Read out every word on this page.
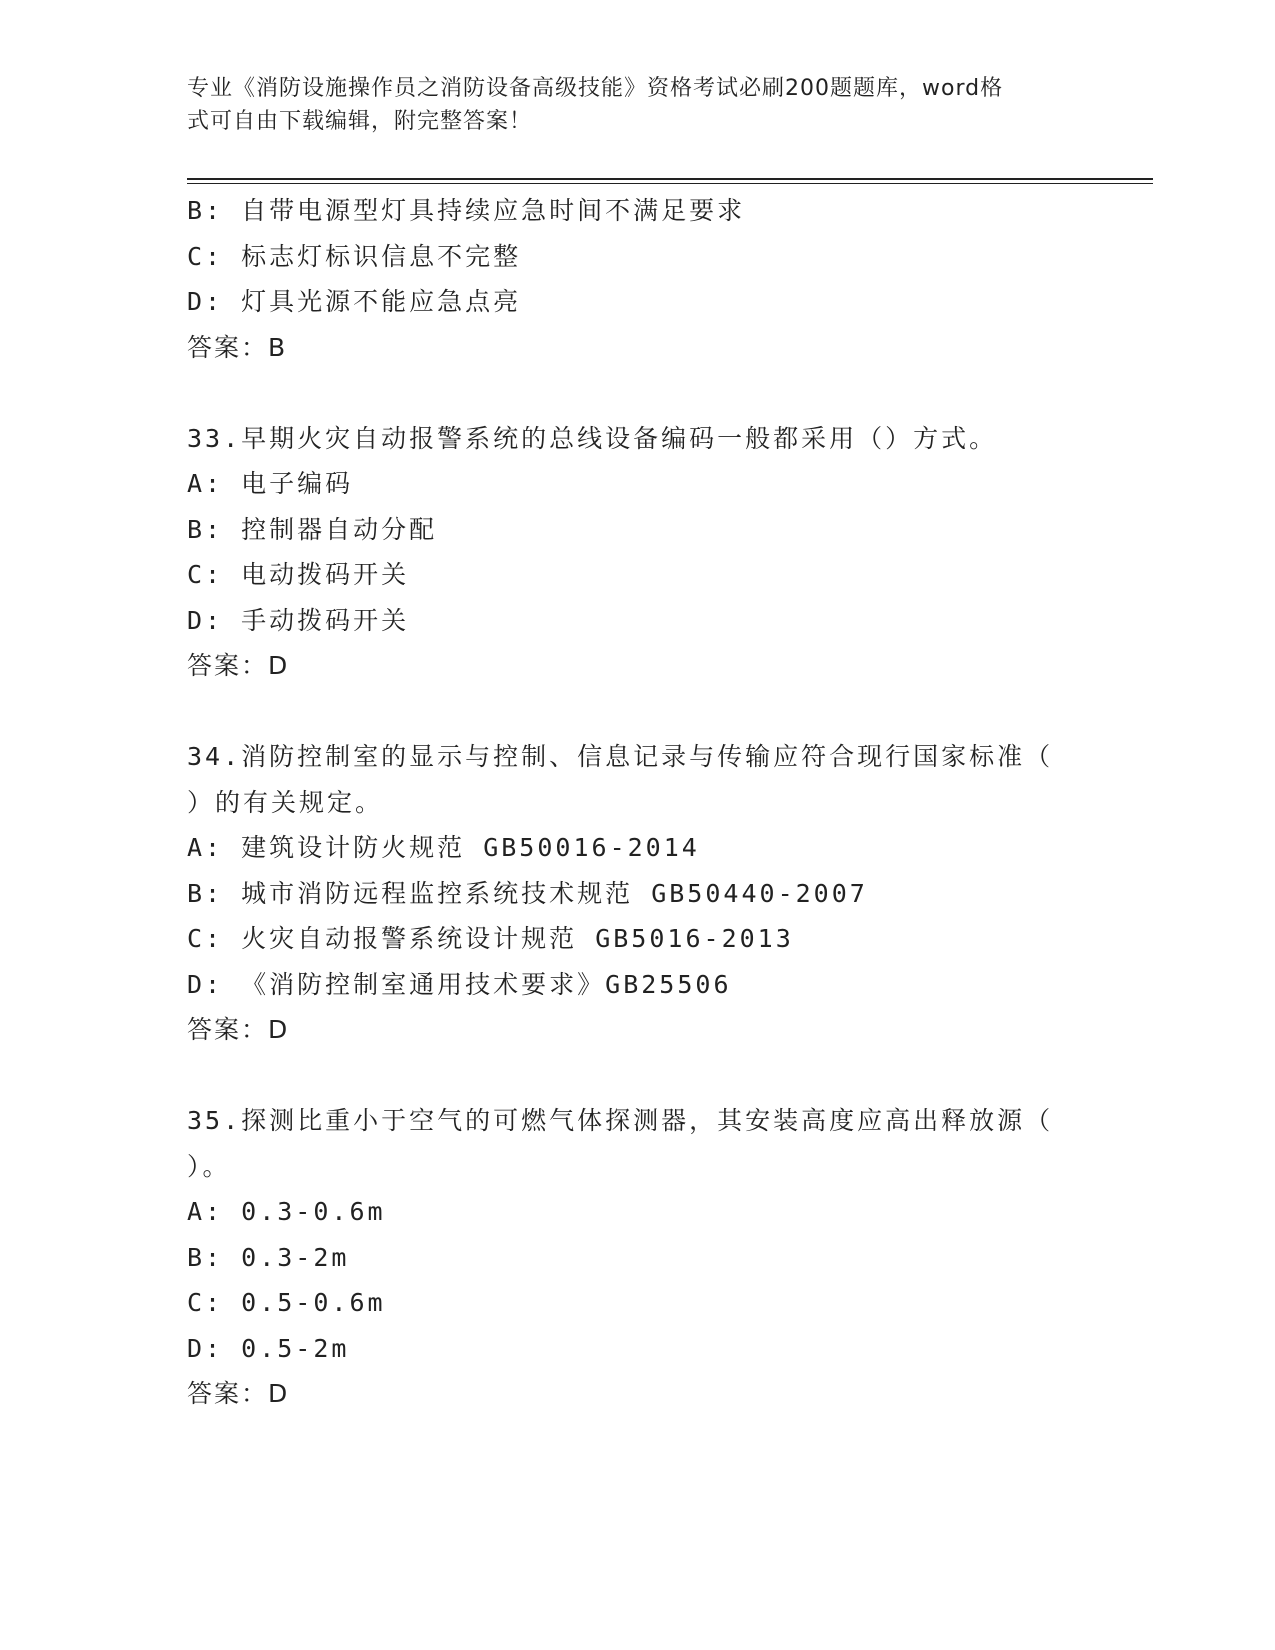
专业《消防设施操作员之消防设备高级技能》资格考试必刷200题题库，word格
式可自由下载编辑，附完整答案！
B: 自带电源型灯具持续应急时间不满足要求
C: 标志灯标识信息不完整
D: 灯具光源不能应急点亮
答案：B
33.早期火灾自动报警系统的总线设备编码一般都采用（）方式。
A: 电子编码
B: 控制器自动分配
C: 电动拨码开关
D: 手动拨码开关
答案：D
34.消防控制室的显示与控制、信息记录与传输应符合现行国家标准（
）的有关规定。
A: 建筑设计防火规范 GB50016-2014
B: 城市消防远程监控系统技术规范 GB50440-2007
C: 火灾自动报警系统设计规范 GB5016-2013
D: 《消防控制室通用技术要求》GB25506
答案：D
35.探测比重小于空气的可燃气体探测器，其安装高度应高出释放源（
）。
A: 0.3-0.6m
B: 0.3-2m
C: 0.5-0.6m
D: 0.5-2m
答案：D
